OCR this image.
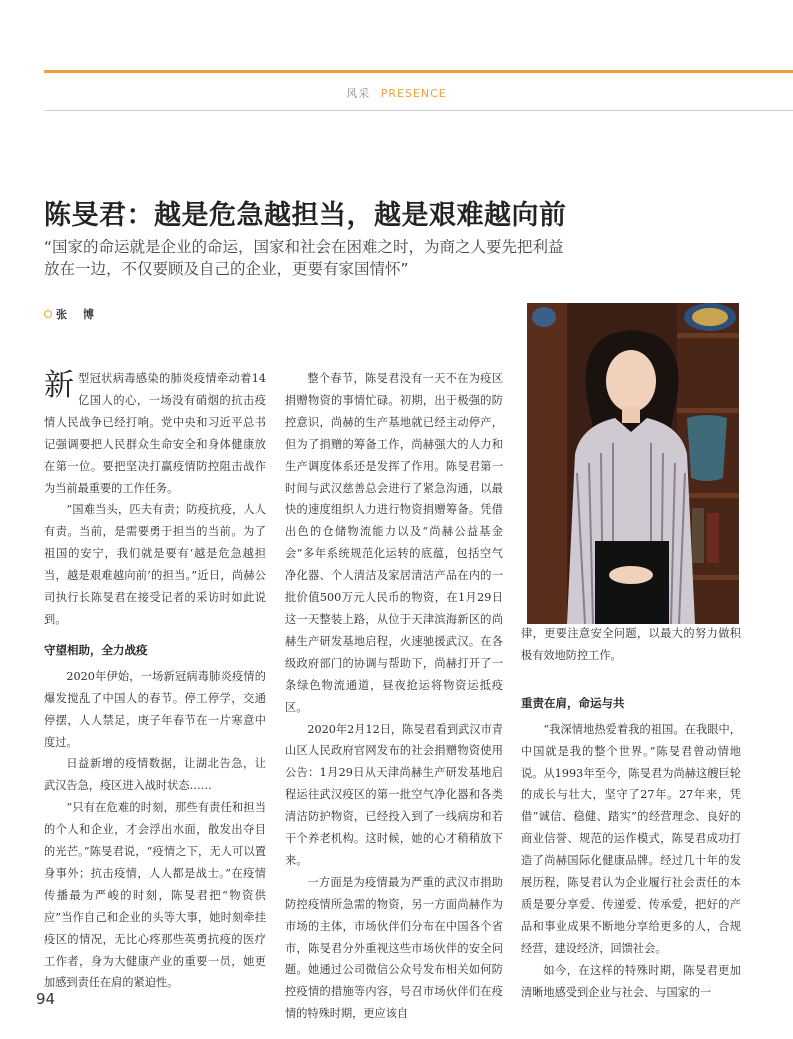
风采 PRESENCE
陈旻君：越是危急越担当，越是艰难越向前

“国家的命运就是企业的命运，国家和社会在困难之时，为商之人要先把利益

放在一边，不仅要顾及自己的企业，更要有家国情怀”

张 博

新型冠状病毒感染的肺炎疫情牵动着14亿国人的心，一场没有硝烟的抗击疫情人民战争已经打响。党中央和习近平总书记强调要把人民群众生命安全和身体健康放在第一位。要把坚决打赢疫情防控阻击战作为当前最重要的工作任务。

“国难当头，匹夫有责；防疫抗疫，人人有责。当前，是需要勇于担当的当前。为了祖国的安宁，我们就是要有‘越是危急越担当，越是艰难越向前’的担当。”近日，尚赫公司执行长陈旻君在接受记者的采访时如此说到。

守望相助，全力战疫

2020年伊始，一场新冠病毒肺炎疫情的爆发搅乱了中国人的春节。停工停学，交通停摆，人人禁足，庚子年春节在一片寒意中度过。

日益新增的疫情数据，让湖北告急，让武汉告急，疫区进入战时状态……

“只有在危难的时刻，那些有责任和担当的个人和企业，才会浮出水面，散发出夺目的光芒。”陈旻君说，“疫情之下，无人可以置身事外；抗击疫情，人人都是战士。”在疫情传播最为严峻的时刻，陈旻君把“物资供应”当作自己和企业的头等大事，她时刻牵挂疫区的情况，无比心疼那些英勇抗疫的医疗工作者，身为大健康产业的重要一员，她更加感到责任在肩的紧迫性。

整个春节，陈旻君没有一天不在为疫区捐赠物资的事情忙碌。初期，出于极强的防控意识，尚赫的生产基地就已经主动停产，但为了捐赠的筹备工作，尚赫强大的人力和生产调度体系还是发挥了作用。陈旻君第一时间与武汉慈善总会进行了紧急沟通，以最快的速度组织人力进行物资捐赠筹备。凭借出色的仓储物流能力以及“尚赫公益基金会”多年系统规范化运转的底蕴，包括空气净化器、个人清洁及家居清洁产品在内的一批价值500万元人民币的物资，在1月29日这一天整装上路，从位于天津滨海新区的尚赫生产研发基地启程，火速驰援武汉。在各级政府部门的协调与帮助下，尚赫打开了一条绿色物流通道，昼夜抢运将物资运抵疫区。

2020年2月12日，陈旻君看到武汉市青山区人民政府官网发布的社会捐赠物资使用公告：1月29日从天津尚赫生产研发基地启程运往武汉疫区的第一批空气净化器和各类清洁防护物资，已经投入到了一线病房和若干个养老机构。这时候，她的心才稍稍放下来。

一方面是为疫情最为严重的武汉市捐助防控疫情所急需的物资，另一方面尚赫作为市场的主体，市场伙伴们分布在中国各个省市，陈旻君分外重视这些市场伙伴的安全问题。她通过公司微信公众号发布相关如何防控疫情的措施等内容，号召市场伙伴们在疫情的特殊时期，更应该自

律，更要注意安全问题，以最大的努力做积极有效地防控工作。

重责在肩，命运与共

“我深情地热爱着我的祖国。在我眼中，中国就是我的整个世界。”陈旻君曾动情地说。从1993年至今，陈旻君为尚赫这艘巨轮的成长与壮大，坚守了27年。27年来，凭借“诚信、稳健、踏实”的经营理念、良好的商业信誉、规范的运作模式，陈旻君成功打造了尚赫国际化健康品牌。经过几十年的发展历程，陈旻君认为企业履行社会责任的本质是要分享爱、传递爱、传承爱，把好的产品和事业成果不断地分享给更多的人，合规经营，建设经济，回馈社会。

如今，在这样的特殊时期，陈旻君更加清晰地感受到企业与社会、与国家的一

94
